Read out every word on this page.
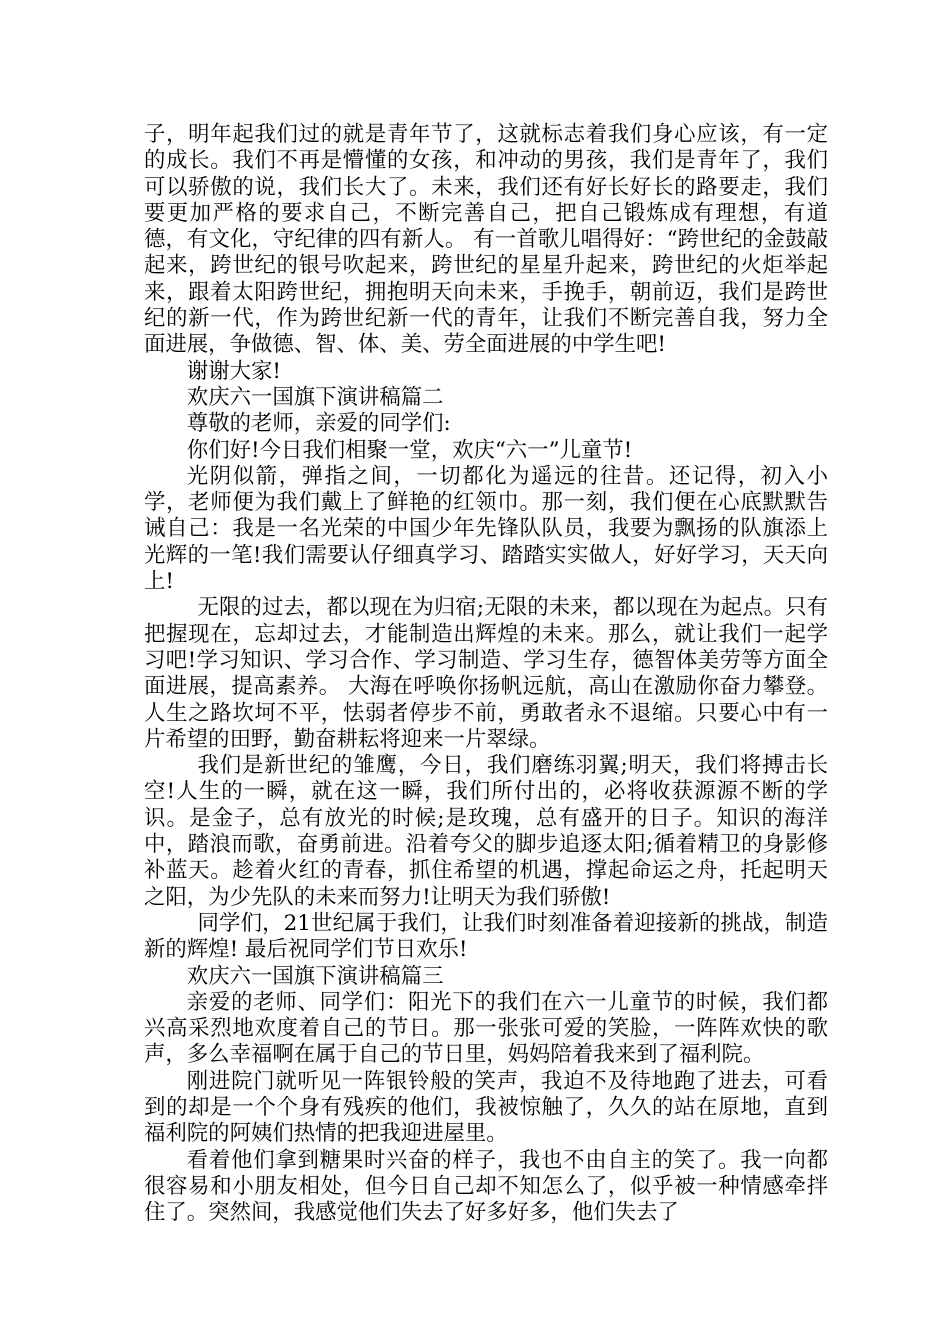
子，明年起我们过的就是青年节了，这就标志着我们身心应该，有一定的成长。我们不再是懵懂的女孩，和冲动的男孩，我们是青年了，我们可以骄傲的说，我们长大了。未来，我们还有好长好长的路要走，我们要更加严格的要求自己，不断完善自己，把自己锻炼成有理想，有道德，有文化，守纪律的四有新人。 有一首歌儿唱得好：“跨世纪的金鼓敲起来，跨世纪的银号吹起来，跨世纪的星星升起来，跨世纪的火炬举起来，跟着太阳跨世纪，拥抱明天向未来，手挽手，朝前迈，我们是跨世纪的新一代，作为跨世纪新一代的青年，让我们不断完善自我，努力全面进展，争做德、智、体、美、劳全面进展的中学生吧!

谢谢大家!

欢庆六一国旗下演讲稿篇二

尊敬的老师，亲爱的同学们:

你们好!今日我们相聚一堂，欢庆“六一”儿童节!

光阴似箭，弹指之间，一切都化为遥远的往昔。还记得，初入小学，老师便为我们戴上了鲜艳的红领巾。那一刻，我们便在心底默默告诫自己：我是一名光荣的中国少年先锋队队员，我要为飘扬的队旗添上光辉的一笔!我们需要认仔细真学习、踏踏实实做人，好好学习，天天向上!

无限的过去，都以现在为归宿;无限的未来，都以现在为起点。只有把握现在，忘却过去，才能制造出辉煌的未来。那么，就让我们一起学习吧!学习知识、学习合作、学习制造、学习生存，德智体美劳等方面全面进展，提高素养。 大海在呼唤你扬帆远航，高山在激励你奋力攀登。人生之路坎坷不平，怯弱者停步不前，勇敢者永不退缩。只要心中有一片希望的田野，勤奋耕耘将迎来一片翠绿。

我们是新世纪的雏鹰，今日，我们磨练羽翼;明天，我们将搏击长空!人生的一瞬，就在这一瞬，我们所付出的，必将收获源源不断的学识。是金子，总有放光的时候;是玫瑰，总有盛开的日子。知识的海洋中，踏浪而歌，奋勇前进。沿着夸父的脚步追逐太阳;循着精卫的身影修补蓝天。趁着火红的青春，抓住希望的机遇，撑起命运之舟，托起明天之阳，为少先队的未来而努力!让明天为我们骄傲!

同学们，21世纪属于我们，让我们时刻准备着迎接新的挑战，制造新的辉煌! 最后祝同学们节日欢乐!

欢庆六一国旗下演讲稿篇三

亲爱的老师、同学们：阳光下的我们在六一儿童节的时候，我们都兴高采烈地欢度着自己的节日。那一张张可爱的笑脸，一阵阵欢快的歌声，多么幸福啊在属于自己的节日里，妈妈陪着我来到了福利院。

刚进院门就听见一阵银铃般的笑声，我迫不及待地跑了进去，可看到的却是一个个身有残疾的他们，我被惊触了，久久的站在原地，直到福利院的阿姨们热情的把我迎进屋里。

看着他们拿到糖果时兴奋的样子，我也不由自主的笑了。我一向都很容易和小朋友相处，但今日自己却不知怎么了，似乎被一种情感牵拌住了。突然间，我感觉他们失去了好多好多，他们失去了
